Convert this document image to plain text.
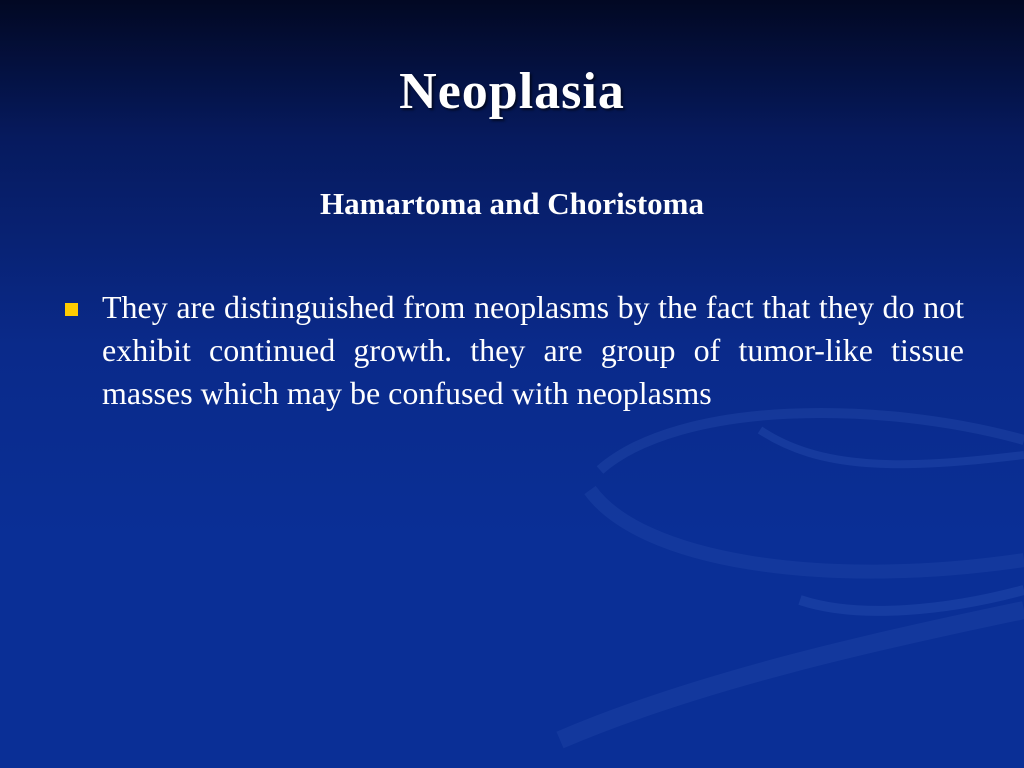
Neoplasia
Hamartoma and Choristoma
They are distinguished from neoplasms by the fact that they do not exhibit continued growth. they are group of tumor-like tissue masses which may be confused with neoplasms
